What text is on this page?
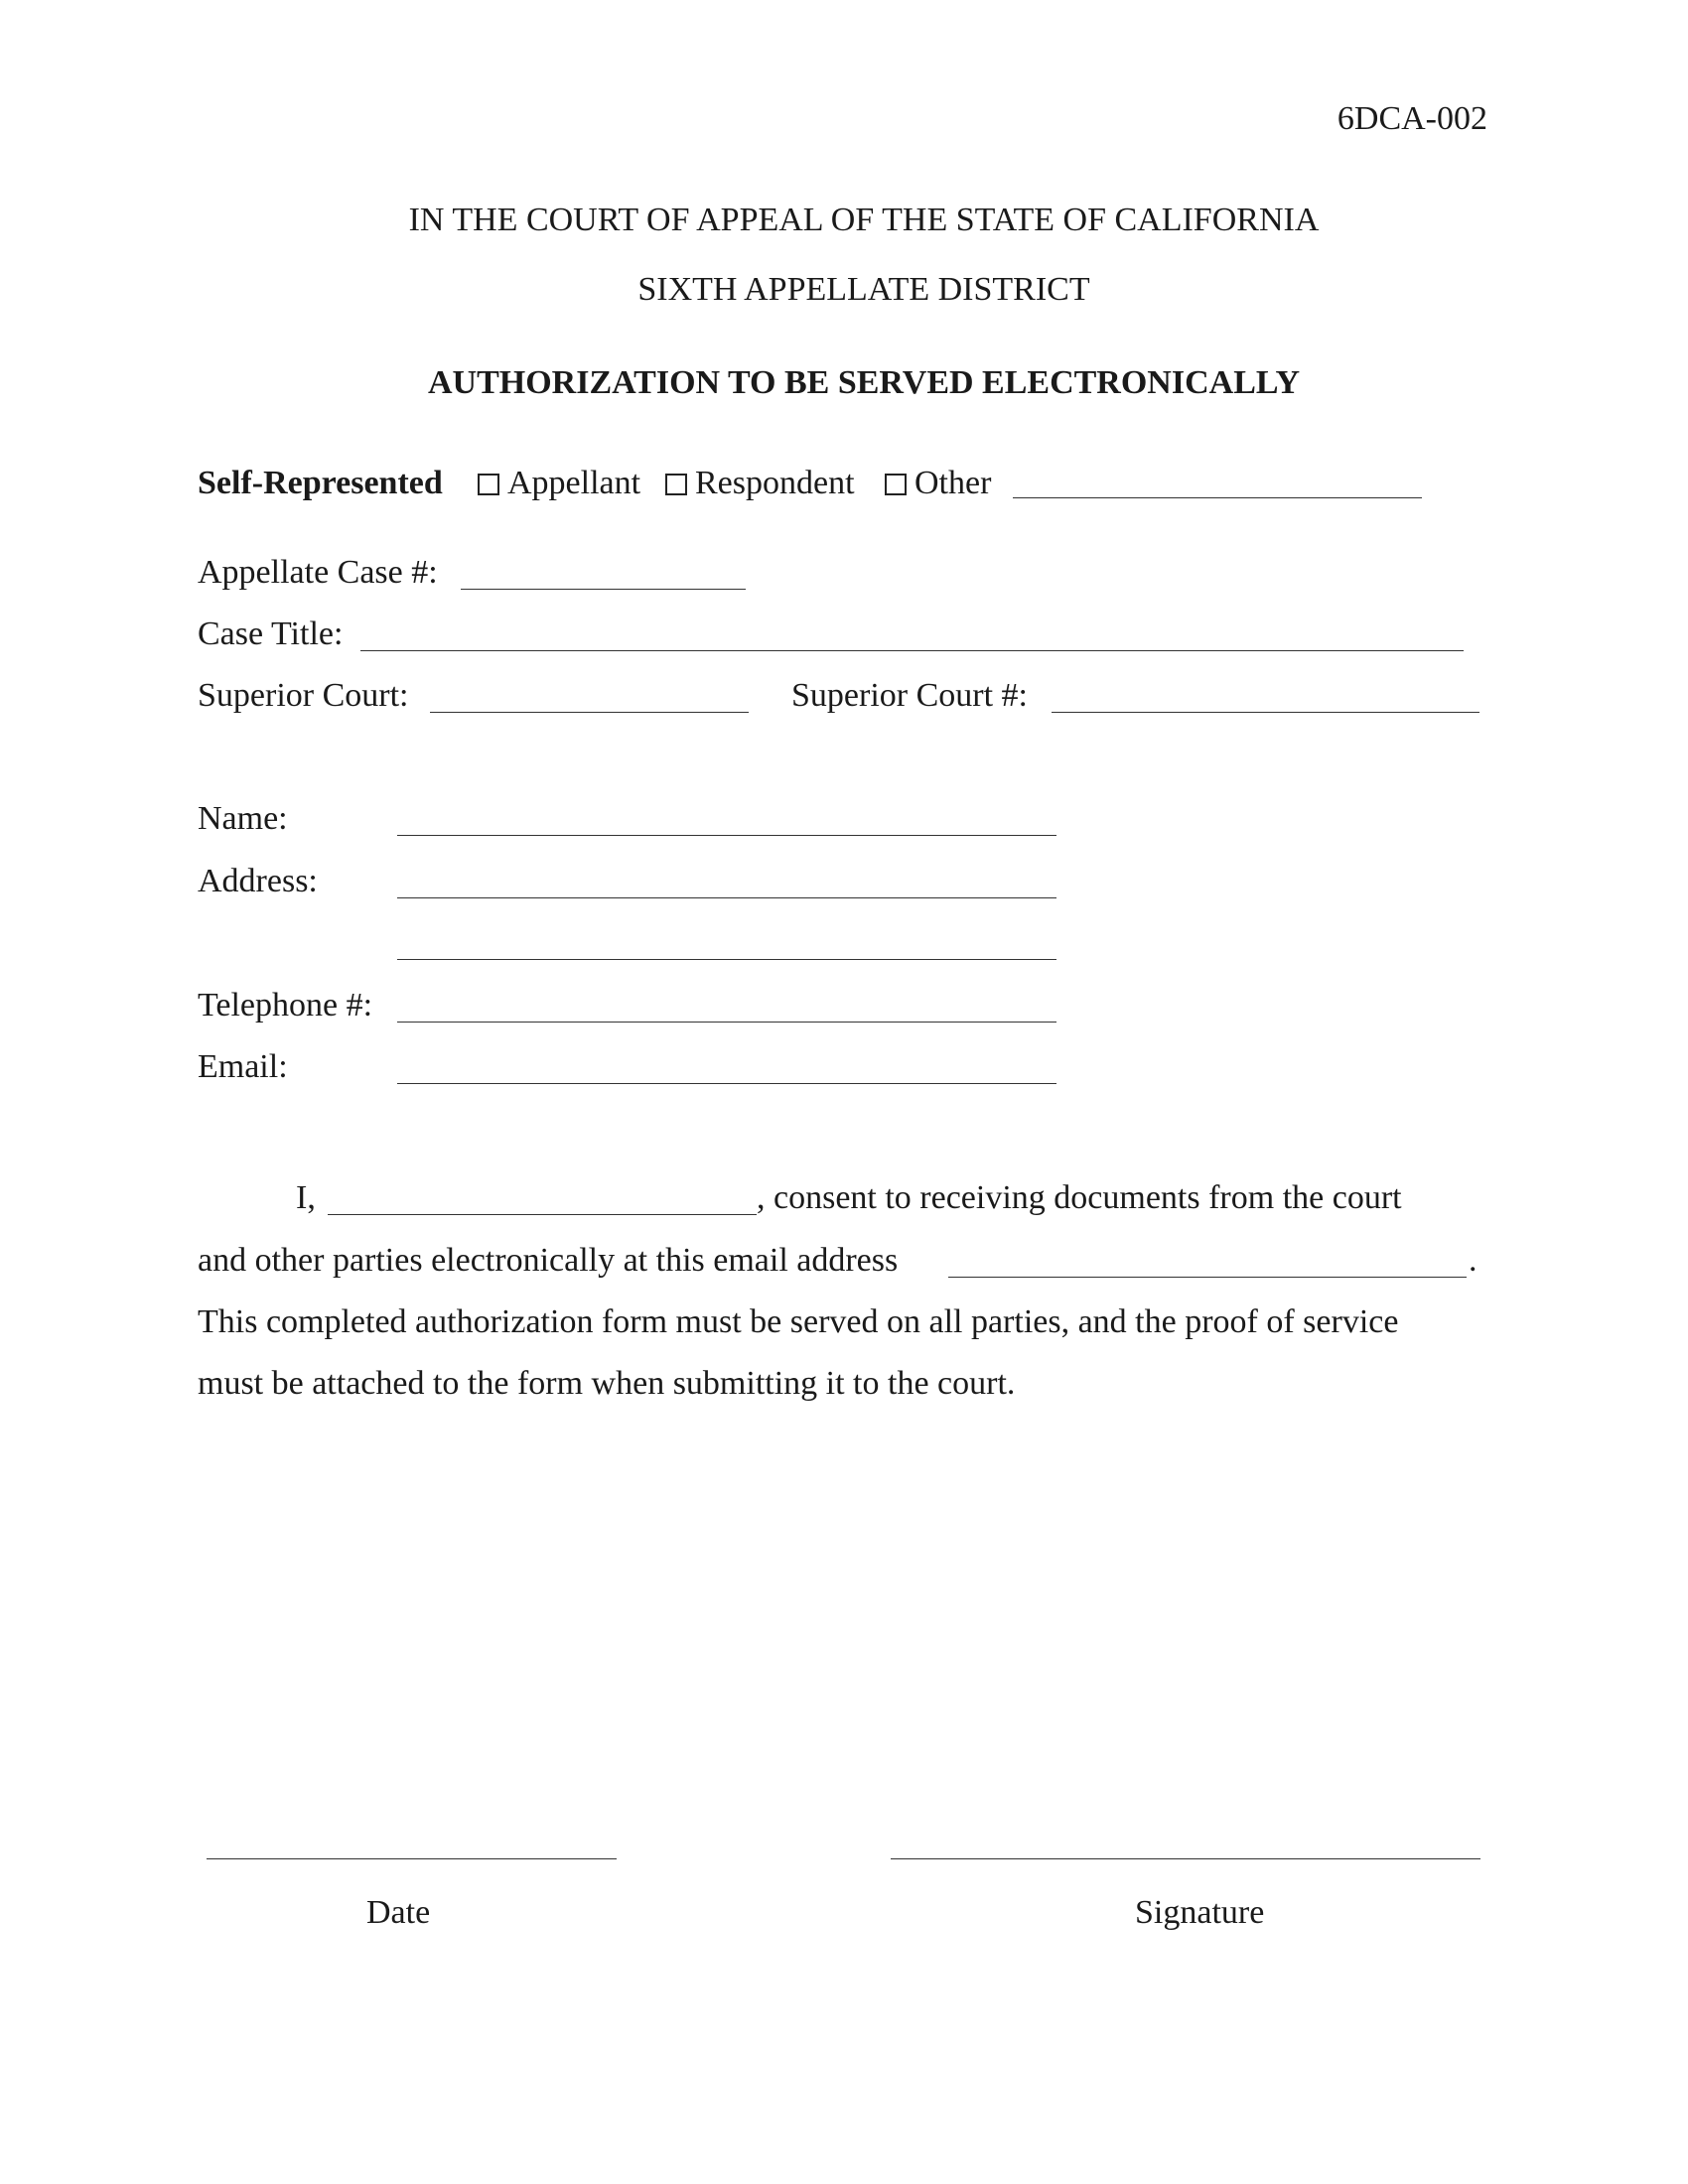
6DCA-002
IN THE COURT OF APPEAL OF THE STATE OF CALIFORNIA
SIXTH APPELLATE DISTRICT
AUTHORIZATION TO BE SERVED ELECTRONICALLY
Self-Represented	Appellant	Respondent	Other
Appellate Case #:
Case Title:
Superior Court:	Superior Court #:
Name:
Address:
Telephone #:
Email:
I,	, consent to receiving documents from the court
and other parties electronically at this email address	.
This completed authorization form must be served on all parties, and the proof of service
must be attached to the form when submitting it to the court.
Date	Signature
